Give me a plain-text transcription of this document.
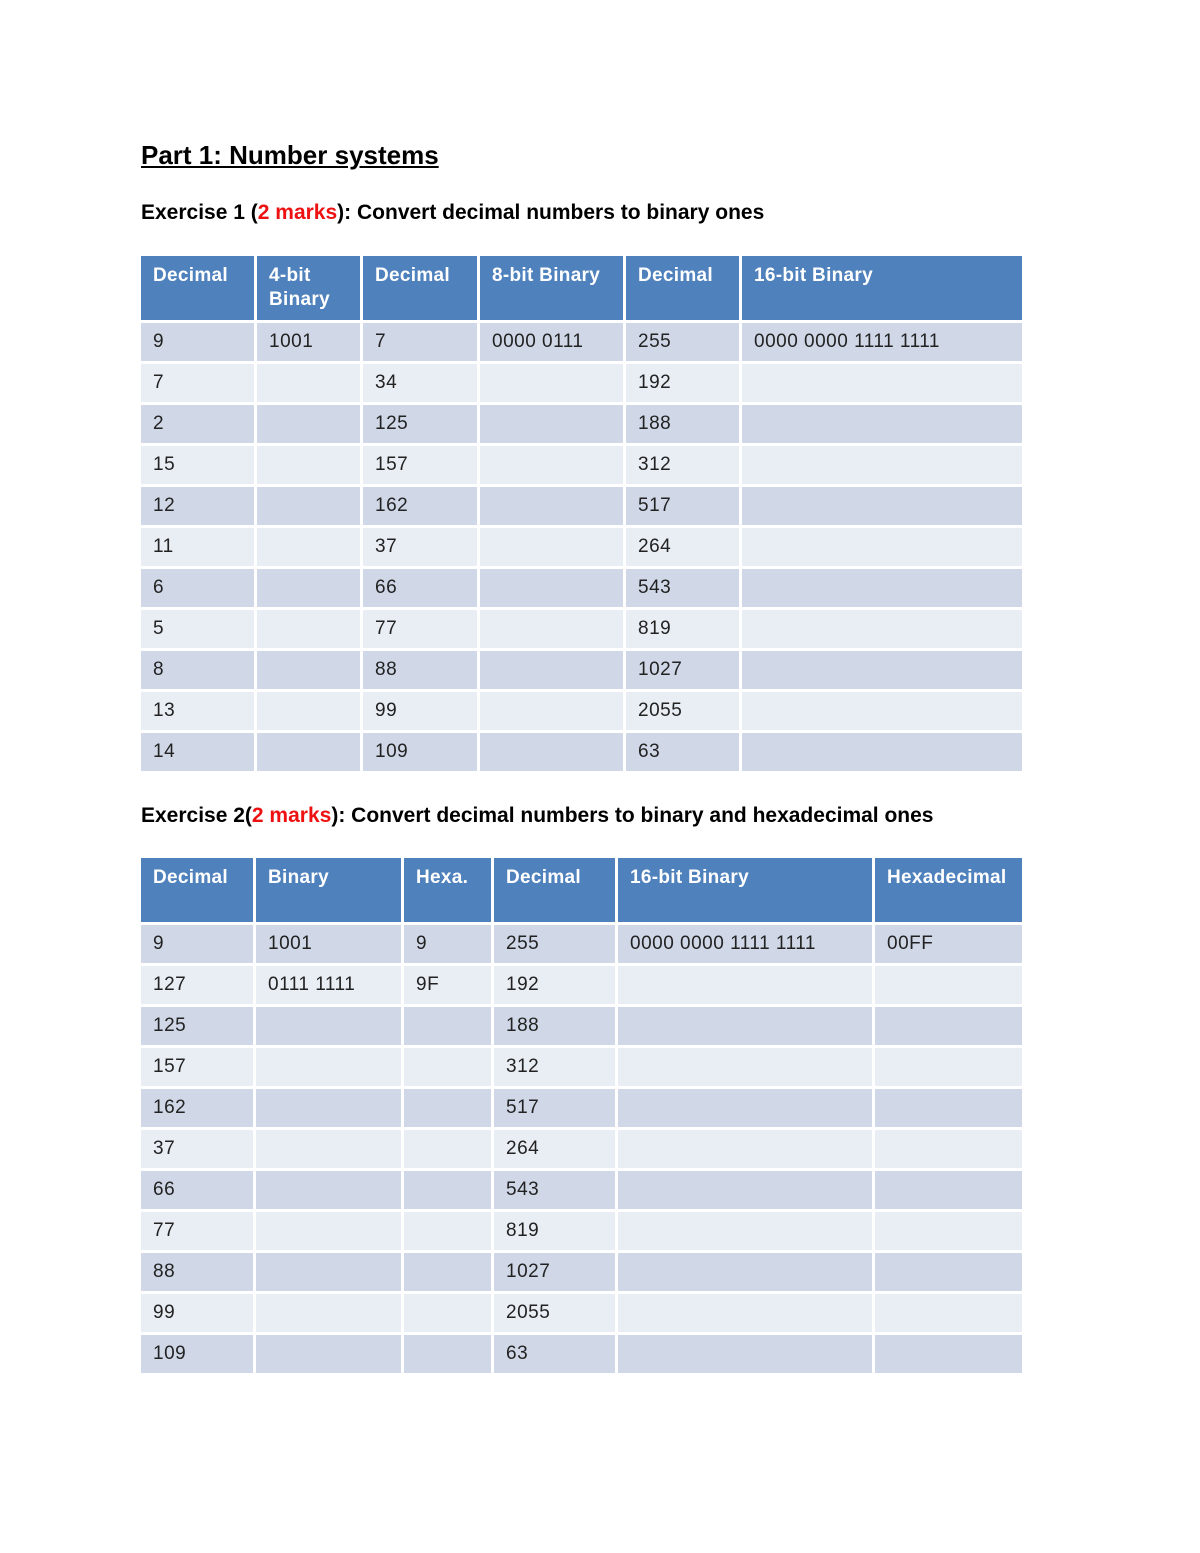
Part 1: Number systems

Exercise 1 (2 marks): Convert decimal numbers to binary ones

Decimal	4-bit Binary	Decimal	8-bit Binary	Decimal	16-bit Binary
9	1001	7	0000 0111	255	0000 0000 1111 1111
7		34		192	
2		125		188	
15		157		312	
12		162		517	
11		37		264	
6		66		543	
5		77		819	
8		88		1027	
13		99		2055	
14		109		63	

Exercise 2(2 marks): Convert decimal numbers to binary and hexadecimal ones

Decimal	Binary	Hexa.	Decimal	16-bit Binary	Hexadecimal
9	1001	9	255	0000 0000 1111 1111	00FF
127	0111 1111	9F	192		
125			188		
157			312		
162			517		
37			264		
66			543		
77			819		
88			1027		
99			2055		
109			63		
